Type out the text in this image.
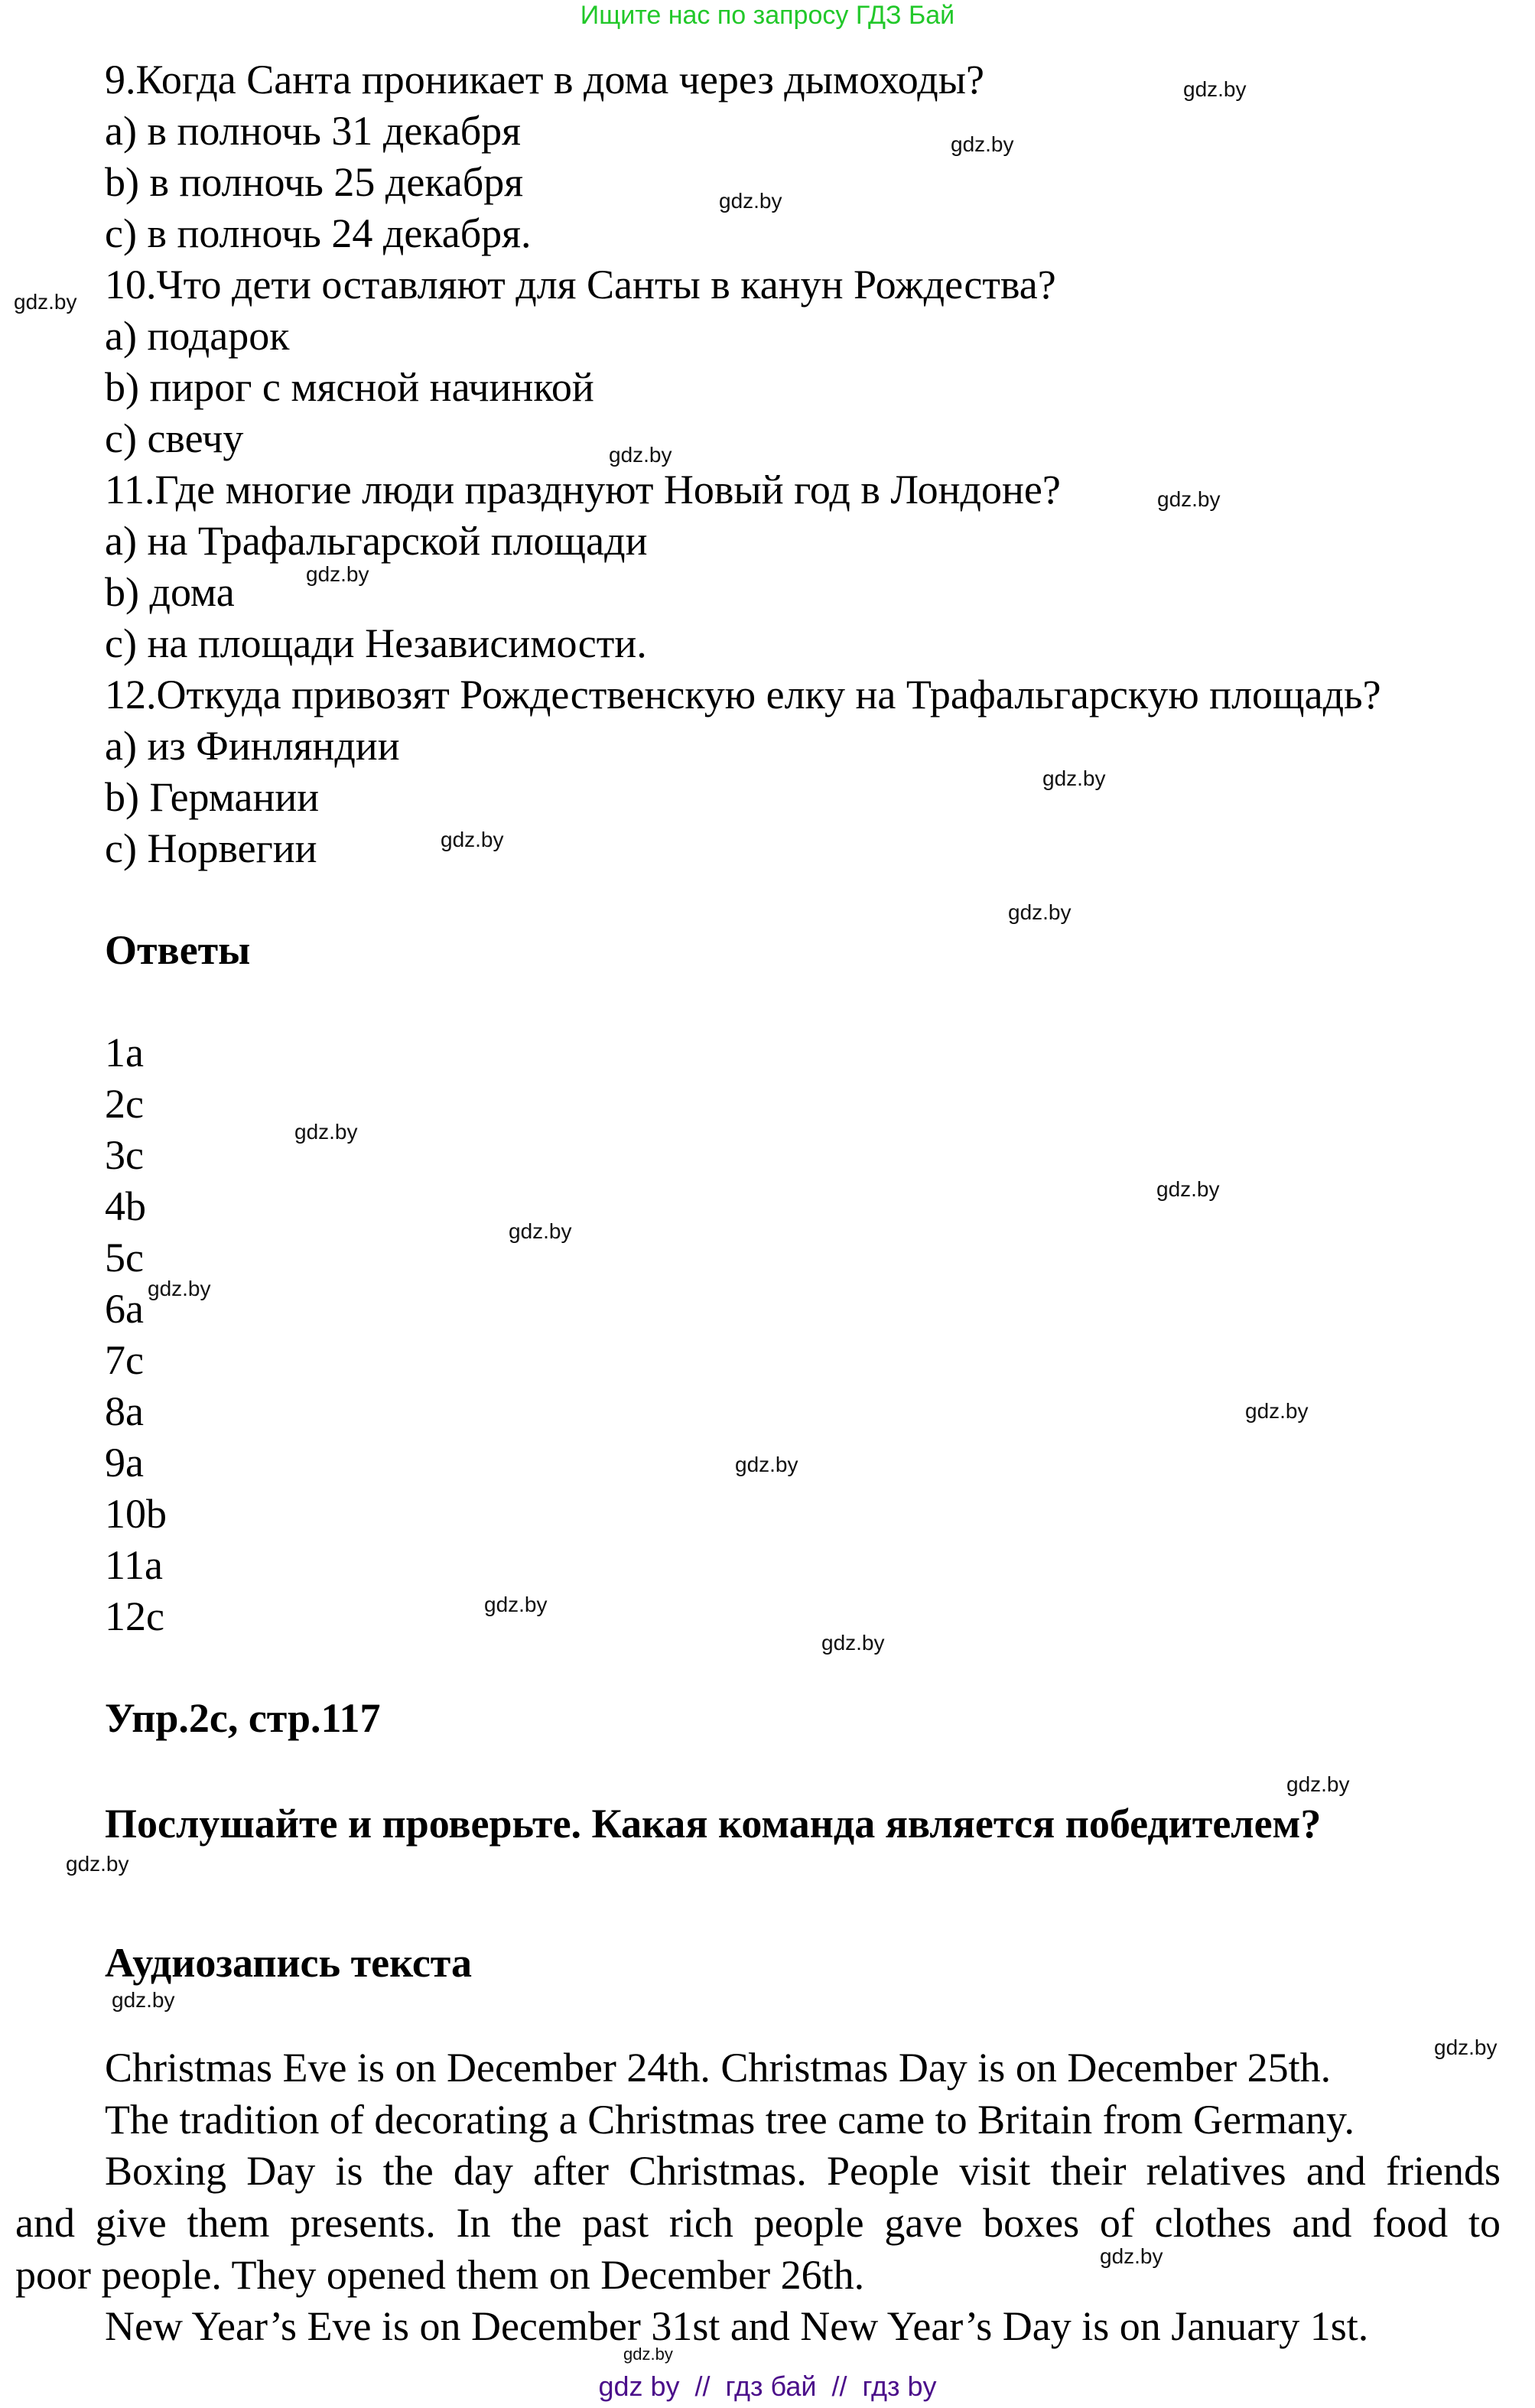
Ищите нас по запросу ГДЗ Бай
9.Когда Санта проникает в дома через дымоходы?
a) в полночь 31 декабря
b) в полночь 25 декабря
c) в полночь 24 декабря.
10.Что дети оставляют для Санты в канун Рождества?
a) подарок
b) пирог с мясной начинкой
c) свечу
11.Где многие люди празднуют Новый год в Лондоне?
a) на Трафальгарской площади
b) дома
c) на площади Независимости.
12.Откуда привозят Рождественскую елку на Трафальгарскую площадь?
a) из Финляндии
b) Германии
c) Норвегии
Ответы
1a
2c
3c
4b
5c
6a
7c
8a
9a
10b
11a
12c
Упр.2c, стр.117
Послушайте и проверьте. Какая команда является победителем?
Аудиозапись текста
Christmas Eve is on December 24th. Christmas Day is on December 25th.
The tradition of decorating a Christmas tree came to Britain from Germany.
Boxing Day is the day after Christmas. People visit their relatives and friends
and give them presents. In the past rich people gave boxes of clothes and food to
poor people. They opened them on December 26th.
New Year’s Eve is on December 31st and New Year’s Day is on January 1st.
gdz.by
gdz.by
gdz.by
gdz.by
gdz.by
gdz.by
gdz.by
gdz.by
gdz.by
gdz.by
gdz.by
gdz.by
gdz.by
gdz.by
gdz.by
gdz.by
gdz.by
gdz.by
gdz.by
gdz.by
gdz.by
gdz.by
gdz.by
gdz.by
gdz by  //  гдз бай  //  гдз by
